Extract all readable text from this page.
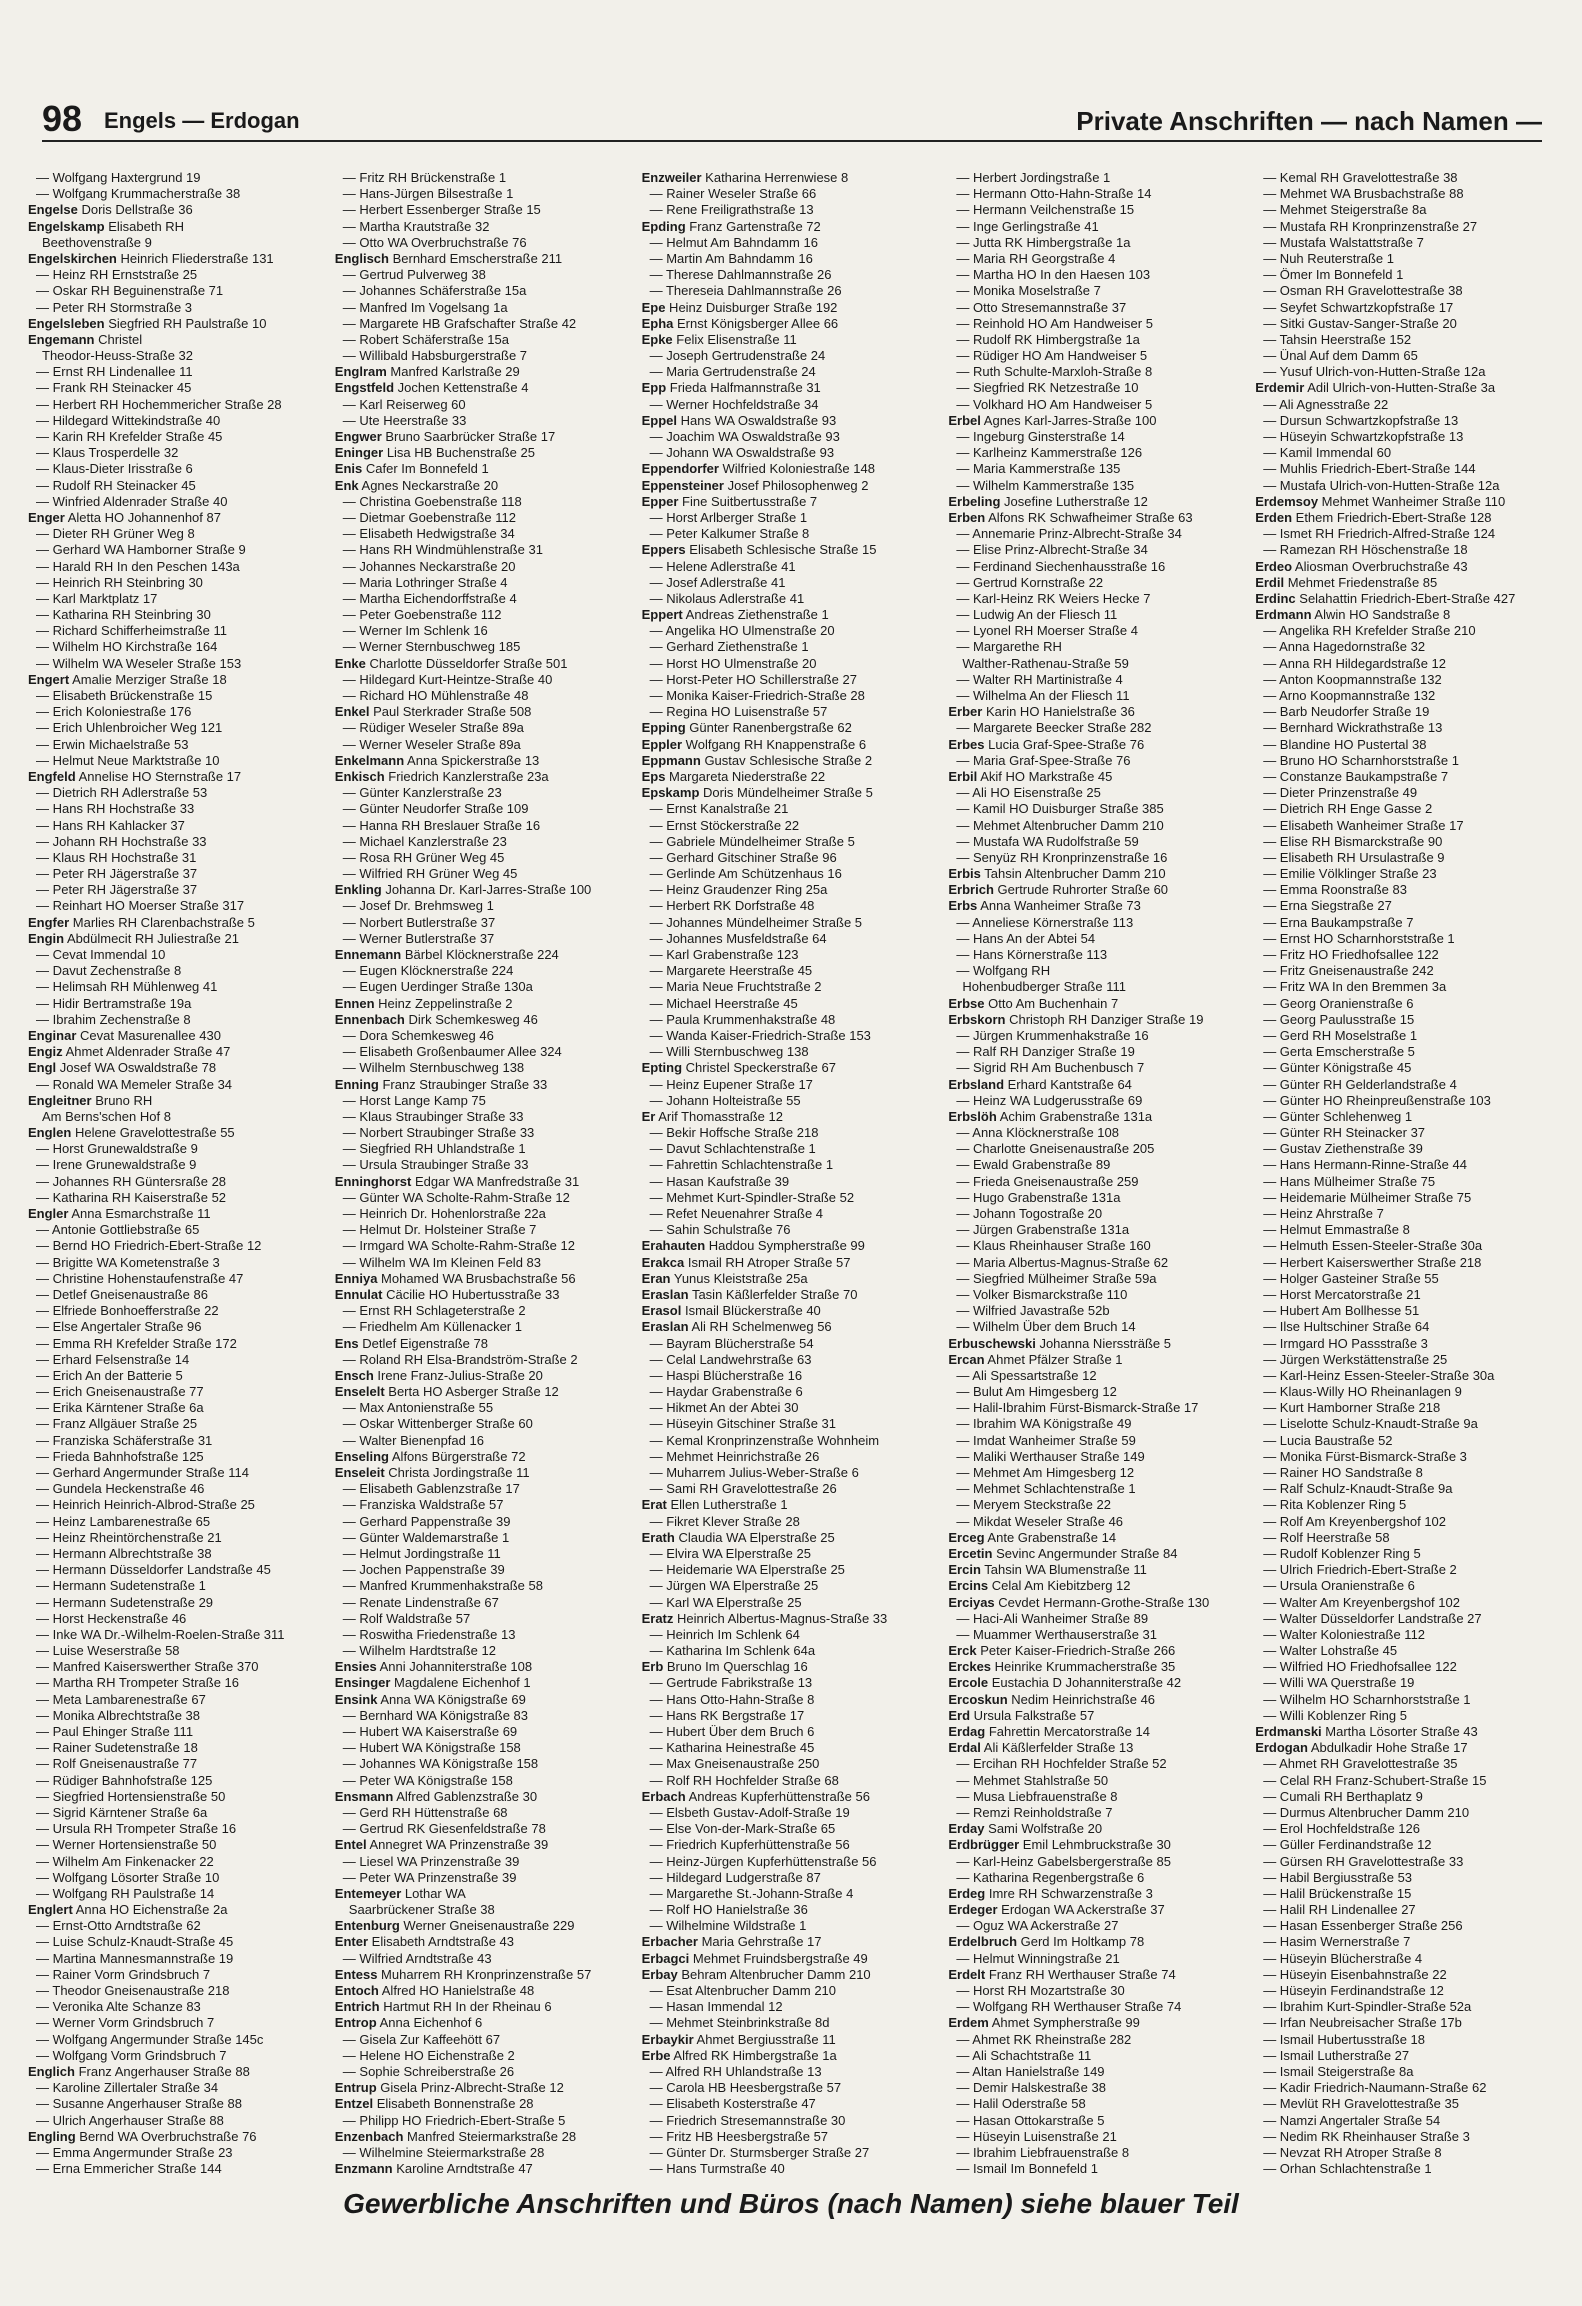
98 Engels — Erdogan	Private Anschriften — nach Namen —
— Wolfgang Haxtergrund 19
— Wolfgang Krummacherstraße 38
Engelse Doris Dellstraße 36
Engelskamp Elisabeth RH
Beethovenstraße 9
Engelskirchen Heinrich Fliederstraße 131
— Heinz RH Ernststraße 25
— Oskar RH Beguinenstraße 71
— Peter RH Stormstraße 3
Engelsleben Siegfried RH Paulstraße 10
Engemann Christel
Theodor-Heuss-Straße 32
— Ernst RH Lindenallee 11
— Frank RH Steinacker 45
— Herbert RH Hochemmericher Straße 28
— Hildegard Wittekindstraße 40
— Karin RH Krefelder Straße 45
— Klaus Trosperdelle 32
— Klaus-Dieter Irisstraße 6
— Rudolf RH Steinacker 45
— Winfried Aldenrader Straße 40
Enger Aletta HO Johannenhof 87
— Dieter RH Grüner Weg 8
— Gerhard WA Hamborner Straße 9
— Harald RH In den Peschen 143a
— Heinrich RH Steinbring 30
— Karl Marktplatz 17
— Katharina RH Steinbring 30
— Richard Schifferheimstraße 11
— Wilhelm HO Kirchstraße 164
— Wilhelm WA Weseler Straße 153
Engert Amalie Merziger Straße 18
— Elisabeth Brückenstraße 15
— Erich Koloniestraße 176
— Erich Uhlenbroicher Weg 121
— Erwin Michaelstraße 53
— Helmut Neue Marktstraße 10
Engfeld Annelise HO Sternstraße 17
— Dietrich RH Adlerstraße 53
— Hans RH Hochstraße 33
— Hans RH Kahlacker 37
— Johann RH Hochstraße 33
— Klaus RH Hochstraße 31
— Peter RH Jägerstraße 37
— Peter RH Jägerstraße 37
— Reinhart HO Moerser Straße 317
Engfer Marlies RH Clarenbachstraße 5
Engin Abdülmecit RH Juliestraße 21
— Cevat Immendal 10
— Davut Zechenstraße 8
— Helimsah RH Mühlenweg 41
— Hidir Bertramstraße 19a
— Ibrahim Zechenstraße 8
Enginar Cevat Masurenallee 430
Engiz Ahmet Aldenrader Straße 47
Engl Josef WA Oswaldstraße 78
— Ronald WA Memeler Straße 34
Engleitner Bruno RH
Am Berns'schen Hof 8
Englen Helene Gravelottestraße 55
— Horst Grunewaldstraße 9
— Irene Grunewaldstraße 9
— Johannes RH Güntersraße 28
— Katharina RH Kaiserstraße 52
Engler Anna Esmarchstraße 11
— Antonie Gottliebstraße 65
— Bernd HO Friedrich-Ebert-Straße 12
— Brigitte WA Kometenstraße 3
— Christine Hohenstaufenstraße 47
— Detlef Gneisenaustraße 86
— Elfriede Bonhoefferstraße 22
— Else Angertaler Straße 96
— Emma RH Krefelder Straße 172
— Erhard Felsenstraße 14
— Erich An der Batterie 5
— Erich Gneisenaustraße 77
— Erika Kärntener Straße 6a
— Franz Allgäuer Straße 25
— Franziska Schäferstraße 31
— Frieda Bahnhofstraße 125
— Gerhard Angermunder Straße 114
— Gundela Heckenstraße 46
— Heinrich Heinrich-Albrod-Straße 25
— Heinz Lambarenestraße 65
— Heinz Rheintörchenstraße 21
— Hermann Albrechtstraße 38
— Hermann Düsseldorfer Landstraße 45
— Hermann Sudetenstraße 1
— Hermann Sudetenstraße 29
— Horst Heckenstraße 46
— Inke WA Dr.-Wilhelm-Roelen-Straße 311
— Luise Weserstraße 58
— Manfred Kaiserswerther Straße 370
— Martha RH Trompeter Straße 16
— Meta Lambarenestraße 67
— Monika Albrechtstraße 38
— Paul Ehinger Straße 111
— Rainer Sudetenstraße 18
— Rolf Gneisenaustraße 77
— Rüdiger Bahnhofstraße 125
— Siegfried Hortensienstraße 50
— Sigrid Kärntener Straße 6a
— Ursula RH Trompeter Straße 16
— Werner Hortensienstraße 50
— Wilhelm Am Finkenacker 22
— Wolfgang Lösorter Straße 10
— Wolfgang RH Paulstraße 14
Englert Anna HO Eichenstraße 2a
— Ernst-Otto Arndtstraße 62
— Luise Schulz-Knaudt-Straße 45
— Martina Mannesmannstraße 19
— Rainer Vorm Grindsbruch 7
— Theodor Gneisenaustraße 218
— Veronika Alte Schanze 83
— Werner Vorm Grindsbruch 7
— Wolfgang Angermunder Straße 145c
— Wolfgang Vorm Grindsbruch 7
Englich Franz Angerhauser Straße 88
— Karoline Zillertaler Straße 34
— Susanne Angerhauser Straße 88
— Ulrich Angerhauser Straße 88
Engling Bernd WA Overbruchstraße 76
— Emma Angermunder Straße 23
— Erna Emmericher Straße 144
— Fritz RH Brückenstraße 1
— Hans-Jürgen Bilsestraße 1
— Herbert Essenberger Straße 15
— Martha Krautstraße 32
— Otto WA Overbruchstraße 76
Englisch Bernhard Emscherstraße 211
— Gertrud Pulverweg 38
— Johannes Schäferstraße 15a
— Manfred Im Vogelsang 1a
— Margarete HB Grafschafter Straße 42
— Robert Schäferstraße 15a
— Willibald Habsburgerstraße 7
Englram Manfred Karlstraße 29
Engstfeld Jochen Kettenstraße 4
— Karl Reiserweg 60
— Ute Heerstraße 33
Engwer Bruno Saarbrücker Straße 17
Eninger Lisa HB Buchenstraße 25
Enis Cafer Im Bonnefeld 1
Enk Agnes Neckarstraße 20
— Christina Goebenstraße 118
— Dietmar Goebenstraße 112
— Elisabeth Hedwigstraße 34
— Hans RH Windmühlenstraße 31
— Johannes Neckarstraße 20
— Maria Lothringer Straße 4
— Martha Eichendorffstraße 4
— Peter Goebenstraße 112
— Werner Im Schlenk 16
— Werner Sternbuschweg 185
Enke Charlotte Düsseldorfer Straße 501
— Hildegard Kurt-Heintze-Straße 40
— Richard HO Mühlenstraße 48
Enkel Paul Sterkrader Straße 508
— Rüdiger Weseler Straße 89a
— Werner Weseler Straße 89a
Enkelmann Anna Spickerstraße 13
Enkisch Friedrich Kanzlerstraße 23a
— Günter Kanzlerstraße 23
— Günter Neudorfer Straße 109
— Hanna RH Breslauer Straße 16
— Michael Kanzlerstraße 23
— Rosa RH Grüner Weg 45
— Wilfried RH Grüner Weg 45
Enkling Johanna Dr. Karl-Jarres-Straße 100
— Josef Dr. Brehmsweg 1
— Norbert Butlerstraße 37
— Werner Butlerstraße 37
Ennemann Bärbel Klöcknerstraße 224
— Eugen Klöcknerstraße 224
— Eugen Uerdinger Straße 130a
Ennen Heinz Zeppelinstraße 2
Ennenbach Dirk Schemkesweg 46
— Dora Schemkesweg 46
— Elisabeth Großenbaumer Allee 324
— Wilhelm Sternbuschweg 138
Enning Franz Straubinger Straße 33
— Horst Lange Kamp 75
— Klaus Straubinger Straße 33
— Norbert Straubinger Straße 33
— Siegfried RH Uhlandstraße 1
— Ursula Straubinger Straße 33
Enninghorst Edgar WA Manfredstraße 31
— Günter WA Scholte-Rahm-Straße 12
— Heinrich Dr. Hohenlorstraße 22a
— Helmut Dr. Holsteiner Straße 7
— Irmgard WA Scholte-Rahm-Straße 12
— Wilhelm WA Im Kleinen Feld 83
Enniya Mohamed WA Brusbachstraße 56
Ennulat Cäcilie HO Hubertusstraße 33
— Ernst RH Schlageterstraße 2
— Friedhelm Am Küllenacker 1
Ens Detlef Eigenstraße 78
— Roland RH Elsa-Brandström-Straße 2
Ensch Irene Franz-Julius-Straße 20
Enselelt Berta HO Asberger Straße 12
— Max Antonienstraße 55
— Oskar Wittenberger Straße 60
— Walter Bienenpfad 16
Enseling Alfons Bürgerstraße 72
Enseleit Christa Jordingstraße 11
— Elisabeth Gablenzstraße 17
— Franziska Waldstraße 57
— Gerhard Pappenstraße 39
— Günter Waldemarstraße 1
— Helmut Jordingstraße 11
— Jochen Pappenstraße 39
— Manfred Krummenhakstraße 58
— Renate Lindenstraße 67
— Rolf Waldstraße 57
— Roswitha Friedenstraße 13
— Wilhelm Hardtstraße 12
Ensies Anni Johanniterstraße 108
Ensinger Magdalene Eichenhof 1
Ensink Anna WA Königstraße 69
— Bernhard WA Königstraße 83
— Hubert WA Kaiserstraße 69
— Hubert WA Königstraße 158
— Johannes WA Königstraße 158
— Peter WA Königstraße 158
Ensmann Alfred Gablenzstraße 30
— Gerd RH Hüttenstraße 68
— Gertrud RK Giesenfeldstraße 78
Entel Annegret WA Prinzenstraße 39
— Liesel WA Prinzenstraße 39
— Peter WA Prinzenstraße 39
Entemeyer Lothar WA
Saarbrückener Straße 38
Entenburg Werner Gneisenaustraße 229
Enter Elisabeth Arndtstraße 43
— Wilfried Arndtstraße 43
Entess Muharrem RH Kronprinzenstraße 57
Entoch Alfred HO Hanielstraße 48
Entrich Hartmut RH In der Rheinau 6
Entrop Anna Eichenhof 6
— Gisela Zur Kaffeehött 67
— Helene HO Eichenstraße 2
— Sophie Schreiberstraße 26
Entrup Gisela Prinz-Albrecht-Straße 12
Entzel Elisabeth Bonnenstraße 28
— Philipp HO Friedrich-Ebert-Straße 5
Enzenbach Manfred Steiermarkstraße 28
— Wilhelmine Steiermarkstraße 28
Enzmann Karoline Arndtstraße 47
Enzweiler Katharina Herrenwiese 8
— Rainer Weseler Straße 66
— Rene Freiligrathstraße 13
Epding Franz Gartenstraße 72
— Helmut Am Bahndamm 16
— Martin Am Bahndamm 16
— Therese Dahlmannstraße 26
— Thereseia Dahlmannstraße 26
Epe Heinz Duisburger Straße 192
Epha Ernst Königsberger Allee 66
Epke Felix Elisenstraße 11
— Joseph Gertrudenstraße 24
— Maria Gertrudenstraße 24
Epp Frieda Halfmannstraße 31
— Werner Hochfeldstraße 34
Eppel Hans WA Oswaldstraße 93
— Joachim WA Oswaldstraße 93
— Johann WA Oswaldstraße 93
Eppendorfer Wilfried Koloniestraße 148
Eppensteiner Josef Philosophenweg 2
Epper Fine Suitbertusstraße 7
— Horst Arlberger Straße 1
— Peter Kalkumer Straße 8
Eppers Elisabeth Schlesische Straße 15
— Helene Adlerstraße 41
— Josef Adlerstraße 41
— Nikolaus Adlerstraße 41
Eppert Andreas Ziethenstraße 1
— Angelika HO Ulmenstraße 20
— Gerhard Ziethenstraße 1
— Horst HO Ulmenstraße 20
— Horst-Peter HO Schillerstraße 27
— Monika Kaiser-Friedrich-Straße 28
— Regina HO Luisenstraße 57
Epping Günter Ranenbergstraße 62
Eppler Wolfgang RH Knappenstraße 6
Eppmann Gustav Schlesische Straße 2
Eps Margareta Niederstraße 22
Epskamp Doris Mündelheimer Straße 5
— Ernst Kanalstraße 21
— Ernst Stöckerstraße 22
— Gabriele Mündelheimer Straße 5
— Gerhard Gitschiner Straße 96
— Gerlinde Am Schützenhaus 16
— Heinz Graudenzer Ring 25a
— Herbert RK Dorfstraße 48
— Johannes Mündelheimer Straße 5
— Johannes Musfeldstraße 64
— Karl Grabenstraße 123
— Margarete Heerstraße 45
— Maria Neue Fruchtstraße 2
— Michael Heerstraße 45
— Paula Krummenhakstraße 48
— Wanda Kaiser-Friedrich-Straße 153
— Willi Sternbuschweg 138
Epting Christel Speckerstraße 67
— Heinz Eupener Straße 17
— Johann Holteistraße 55
Er Arif Thomasstraße 12
— Bekir Hoffsche Straße 218
— Davut Schlachtenstraße 1
— Fahrettin Schlachtenstraße 1
— Hasan Kaufstraße 39
— Mehmet Kurt-Spindler-Straße 52
— Refet Neuenahrer Straße 4
— Sahin Schulstraße 76
Erahauten Haddou Sympherstraße 99
Erakca Ismail RH Atroper Straße 57
Eran Yunus Kleiststraße 25a
Eraslan Tasin Käßlerfelder Straße 70
Erasol Ismail Blückerstraße 40
Eraslan Ali RH Schelmenweg 56
— Bayram Blücherstraße 54
— Celal Landwehrstraße 63
— Haspi Blücherstraße 16
— Haydar Grabenstraße 6
— Hikmet An der Abtei 30
— Hüseyin Gitschiner Straße 31
— Kemal Kronprinzenstraße Wohnheim
— Mehmet Heinrichstraße 26
— Muharrem Julius-Weber-Straße 6
— Sami RH Gravelottestraße 26
Erat Ellen Lutherstraße 1
— Fikret Klever Straße 28
Erath Claudia WA Elperstraße 25
— Elvira WA Elperstraße 25
— Heidemarie WA Elperstraße 25
— Jürgen WA Elperstraße 25
— Karl WA Elperstraße 25
Eratz Heinrich Albertus-Magnus-Straße 33
— Heinrich Im Schlenk 64
— Katharina Im Schlenk 64a
Erb Bruno Im Querschlag 16
— Gertrude Fabrikstraße 13
— Hans Otto-Hahn-Straße 8
— Hans RK Bergstraße 17
— Hubert Über dem Bruch 6
— Katharina Heinestraße 45
— Max Gneisenaustraße 250
— Rolf RH Hochfelder Straße 68
Erbach Andreas Kupferhüttenstraße 56
— Elsbeth Gustav-Adolf-Straße 19
— Else Von-der-Mark-Straße 65
— Friedrich Kupferhüttenstraße 56
— Heinz-Jürgen Kupferhüttenstraße 56
— Hildegard Ludgerstraße 87
— Margarethe St.-Johann-Straße 4
— Rolf HO Hanielstraße 36
— Wilhelmine Wildstraße 1
Erbacher Maria Gehrstraße 17
Erbagci Mehmet Fruindsbergstraße 49
Erbay Behram Altenbrucher Damm 210
— Esat Altenbrucher Damm 210
— Hasan Immendal 12
— Mehmet Steinbrinkstraße 8d
Erbaykir Ahmet Bergiusstraße 11
Erbe Alfred RK Himbergstraße 1a
— Alfred RH Uhlandstraße 13
— Carola HB Heesbergstraße 57
— Elisabeth Kosterstraße 47
— Friedrich Stresemannstraße 30
— Fritz HB Heesbergstraße 57
— Günter Dr. Sturmsberger Straße 27
— Hans Turmstraße 40
— Herbert Jordingstraße 1
— Hermann Otto-Hahn-Straße 14
— Hermann Veilchenstraße 15
— Inge Gerlingstraße 41
— Jutta RK Himbergstraße 1a
— Maria RH Georgstraße 4
— Martha HO In den Haesen 103
— Monika Moselstraße 7
— Otto Stresemannstraße 37
— Reinhold HO Am Handweiser 5
— Rudolf RK Himbergstraße 1a
— Rüdiger HO Am Handweiser 5
— Ruth Schulte-Marxloh-Straße 8
— Siegfried RK Netzestraße 10
— Volkhard HO Am Handweiser 5
Erbel Agnes Karl-Jarres-Straße 100
— Ingeburg Ginsterstraße 14
— Karlheinz Kammerstraße 126
— Maria Kammerstraße 135
— Wilhelm Kammerstraße 135
Erbeling Josefine Lutherstraße 12
Erben Alfons RK Schwafheimer Straße 63
— Annemarie Prinz-Albrecht-Straße 34
— Elise Prinz-Albrecht-Straße 34
— Ferdinand Siechenhausstraße 16
— Gertrud Kornstraße 22
— Karl-Heinz RK Weiers Hecke 7
— Ludwig An der Fliesch 11
— Lyonel RH Moerser Straße 4
— Margarethe RH
Walther-Rathenau-Straße 59
— Walter RH Martinistraße 4
— Wilhelma An der Fliesch 11
Erber Karin HO Hanielstraße 36
— Margarete Beecker Straße 282
Erbes Lucia Graf-Spee-Straße 76
— Maria Graf-Spee-Straße 76
Erbil Akif HO Markstraße 45
— Ali HO Eisenstraße 25
— Kamil HO Duisburger Straße 385
— Mehmet Altenbrucher Damm 210
— Mustafa WA Rudolfstraße 59
— Senyüz RH Kronprinzenstraße 16
Erbis Tahsin Altenbrucher Damm 210
Erbrich Gertrude Ruhrorter Straße 60
Erbs Anna Wanheimer Straße 73
— Anneliese Körnerstraße 113
— Hans An der Abtei 54
— Hans Körnerstraße 113
— Wolfgang RH
Hohenbudberger Straße 111
Erbse Otto Am Buchenhain 7
Erbskorn Christoph RH Danziger Straße 19
— Jürgen Krummenhakstraße 16
— Ralf RH Danziger Straße 19
— Sigrid RH Am Buchenbusch 7
Erbsland Erhard Kantstraße 64
— Heinz WA Ludgerusstraße 69
Erbslöh Achim Grabenstraße 131a
— Anna Klöcknerstraße 108
— Charlotte Gneisenaustraße 205
— Ewald Grabenstraße 89
— Frieda Gneisenaustraße 259
— Hugo Grabenstraße 131a
— Johann Togostraße 20
— Jürgen Grabenstraße 131a
— Klaus Rheinhauser Straße 160
— Maria Albertus-Magnus-Straße 62
— Siegfried Mülheimer Straße 59a
— Volker Bismarckstraße 110
— Wilfried Javastraße 52b
— Wilhelm Über dem Bruch 14
Erbuschewski Johanna Nierssträße 5
Ercan Ahmet Pfälzer Straße 1
— Ali Spessartstraße 12
— Bulut Am Himgesberg 12
— Halil-Ibrahim Fürst-Bismarck-Straße 17
— Ibrahim WA Königstraße 49
— Imdat Wanheimer Straße 59
— Maliki Werthauser Straße 149
— Mehmet Am Himgesberg 12
— Mehmet Schlachtenstraße 1
— Meryem Steckstraße 22
— Mikdat Weseler Straße 46
Erceg Ante Grabenstraße 14
Ercetin Sevinc Angermunder Straße 84
Ercin Tahsin WA Blumenstraße 11
Ercins Celal Am Kiebitzberg 12
Erciyas Cevdet Hermann-Grothe-Straße 130
— Haci-Ali Wanheimer Straße 89
— Muammer Werthauserstraße 31
Erck Peter Kaiser-Friedrich-Straße 266
Erckes Heinrike Krummacherstraße 35
Ercole Eustachia D Johanniterstraße 42
Ercoskun Nedim Heinrichstraße 46
Erd Ursula Falkstraße 57
Erdag Fahrettin Mercatorstraße 14
Erdal Ali Käßlerfelder Straße 13
— Ercihan RH Hochfelder Straße 52
— Mehmet Stahlstraße 50
— Musa Liebfrauenstraße 8
— Remzi Reinholdstraße 7
Erday Sami Wolfstraße 20
Erdbrügger Emil Lehmbruckstraße 30
— Karl-Heinz Gabelsbergerstraße 85
— Katharina Regenbergstraße 6
Erdeg Imre RH Schwarzenstraße 3
Erdeger Erdogan WA Ackerstraße 37
— Oguz WA Ackerstraße 27
Erdelbruch Gerd Im Holtkamp 78
— Helmut Winningstraße 21
Erdelt Franz RH Werthauser Straße 74
— Horst RH Mozartstraße 30
— Wolfgang RH Werthauser Straße 74
Erdem Ahmet Sympherstraße 99
— Ahmet RK Rheinstraße 282
— Ali Schachtstraße 11
— Altan Hanielstraße 149
— Demir Halskestraße 38
— Halil Oderstraße 58
— Hasan Ottokarstraße 5
— Hüseyin Luisenstraße 21
— Ibrahim Liebfrauenstraße 8
— Ismail Im Bonnefeld 1
— Kemal RH Gravelottestraße 38
— Mehmet WA Brusbachstraße 88
— Mehmet Steigerstraße 8a
— Mustafa RH Kronprinzenstraße 27
— Mustafa Walstattstraße 7
— Nuh Reuterstraße 1
— Ömer Im Bonnefeld 1
— Osman RH Gravelottestraße 38
— Seyfet Schwartzkopfstraße 17
— Sitki Gustav-Sanger-Straße 20
— Tahsin Heerstraße 152
— Ünal Auf dem Damm 65
— Yusuf Ulrich-von-Hutten-Straße 12a
Erdemir Adil Ulrich-von-Hutten-Straße 3a
— Ali Agnesstraße 22
— Dursun Schwartzkopfstraße 13
— Hüseyin Schwartzkopfstraße 13
— Kamil Immendal 60
— Muhlis Friedrich-Ebert-Straße 144
— Mustafa Ulrich-von-Hutten-Straße 12a
Erdemsoy Mehmet Wanheimer Straße 110
Erden Ethem Friedrich-Ebert-Straße 128
— Ismet RH Friedrich-Alfred-Straße 124
— Ramezan RH Höschenstraße 18
Erdeo Aliosman Overbruchstraße 43
Erdil Mehmet Friedenstraße 85
Erdinc Selahattin Friedrich-Ebert-Straße 427
Erdmann Alwin HO Sandstraße 8
— Angelika RH Krefelder Straße 210
— Anna Hagedornstraße 32
— Anna RH Hildegardstraße 12
— Anton Koopmannstraße 132
— Arno Koopmannstraße 132
— Barb Neudorfer Straße 19
— Bernhard Wickrathstraße 13
— Blandine HO Pustertal 38
— Bruno HO Scharnhorststraße 1
— Constanze Baukampstraße 7
— Dieter Prinzenstraße 49
— Dietrich RH Enge Gasse 2
— Elisabeth Wanheimer Straße 17
— Elise RH Bismarckstraße 90
— Elisabeth RH Ursulastraße 9
— Emilie Völklinger Straße 23
— Emma Roonstraße 83
— Erna Siegstraße 27
— Erna Baukampstraße 7
— Ernst HO Scharnhorststraße 1
— Fritz HO Friedhofsallee 122
— Fritz Gneisenaustraße 242
— Fritz WA In den Bremmen 3a
— Georg Oranienstraße 6
— Georg Paulusstraße 15
— Gerd RH Moselstraße 1
— Gerta Emscherstraße 5
— Günter Königstraße 45
— Günter RH Gelderlandstraße 4
— Günter HO Rheinpreußenstraße 103
— Günter Schlehenweg 1
— Günter RH Steinacker 37
— Gustav Ziethenstraße 39
— Hans Hermann-Rinne-Straße 44
— Hans Mülheimer Straße 75
— Heidemarie Mülheimer Straße 75
— Heinz Ahrstraße 7
— Helmut Emmastraße 8
— Helmuth Essen-Steeler-Straße 30a
— Herbert Kaiserswerther Straße 218
— Holger Gasteiner Straße 55
— Horst Mercatorstraße 21
— Hubert Am Bollhesse 51
— Ilse Hultschiner Straße 64
— Irmgard HO Passstraße 3
— Jürgen Werkstättenstraße 25
— Karl-Heinz Essen-Steeler-Straße 30a
— Klaus-Willy HO Rheinanlagen 9
— Kurt Hamborner Straße 218
— Liselotte Schulz-Knaudt-Straße 9a
— Lucia Baustraße 52
— Monika Fürst-Bismarck-Straße 3
— Rainer HO Sandstraße 8
— Ralf Schulz-Knaudt-Straße 9a
— Rita Koblenzer Ring 5
— Rolf Am Kreyenbergshof 102
— Rolf Heerstraße 58
— Rudolf Koblenzer Ring 5
— Ulrich Friedrich-Ebert-Straße 2
— Ursula Oranienstraße 6
— Walter Am Kreyenbergshof 102
— Walter Düsseldorfer Landstraße 27
— Walter Koloniestraße 112
— Walter Lohstraße 45
— Wilfried HO Friedhofsallee 122
— Willi WA Querstraße 19
— Wilhelm HO Scharnhorststraße 1
— Willi Koblenzer Ring 5
Erdmanski Martha Lösorter Straße 43
Erdogan Abdulkadir Hohe Straße 17
— Ahmet RH Gravelottestraße 35
— Celal RH Franz-Schubert-Straße 15
— Cumali RH Berthaplatz 9
— Durmus Altenbrucher Damm 210
— Erol Hochfeldstraße 126
— Güller Ferdinandstraße 12
— Gürsen RH Gravelottestraße 33
— Habil Bergiusstraße 53
— Halil Brückenstraße 15
— Halil RH Lindenallee 27
— Hasan Essenberger Straße 256
— Hasim Wernerstraße 7
— Hüseyin Blücherstraße 4
— Hüseyin Eisenbahnstraße 22
— Hüseyin Ferdinandstraße 12
— Ibrahim Kurt-Spindler-Straße 52a
— Irfan Neubreisacher Straße 17b
— Ismail Hubertusstraße 18
— Ismail Lutherstraße 27
— Ismail Steigerstraße 8a
— Kadir Friedrich-Naumann-Straße 62
— Mevlüt RH Gravelottestraße 35
— Namzi Angertaler Straße 54
— Nedim RK Rheinhauser Straße 3
— Nevzat RH Atroper Straße 8
— Orhan Schlachtenstraße 1
Gewerbliche Anschriften und Büros (nach Namen) siehe blauer Teil
